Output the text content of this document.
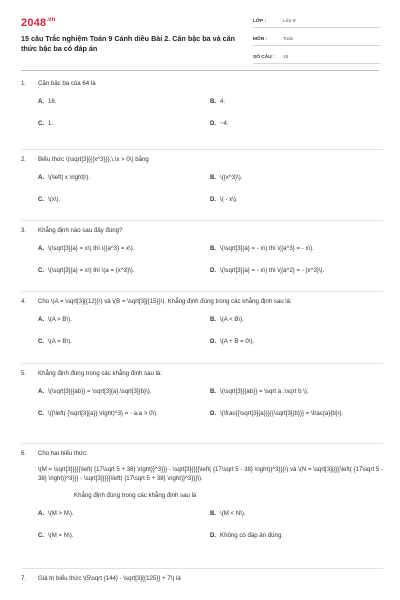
$2048^{.vn}$
15 câu Trắc nghiệm Toán 9 Cánh diều Bài 2. Căn bậc ba và căn thức bậc ba có đáp án
LỚP :	Lớp 9
MÔN :	Toán
SỐ CÂU :	15
1.	Căn bậc ba của 64 là
A. 16.	B. 4.
C. 1.	D. −4.
2.	Biểu thức \(\sqrt[3]{{{x^3}}},\,\x > 0\) bằng
A. \(\left| x \right|\).	B. \({x^3}\).
C. \(x\).	D. \( - x\).
3.	Khẳng định nào sau đây đúng?
A. \(\sqrt[3]{a} = x\) thì \({a^3} = x\).	B. \(\sqrt[3]{a} = - x\) thì \({a^3} = - x\).
C. \(\sqrt[3]{a} = x\) thì \(a = {x^3}\).	D. \(\sqrt[3]{a} = - x\) thì \({a^2} = - {x^3}\).
4.	Cho \(A = \sqrt[3]{{12}}\) và \(B = \sqrt[3]{{15}}\). Khẳng định đúng trong các khẳng định sau là:
A. \(A > B\).	B. \(A < B\).
C. \(A = B\).	D. \(A + B = 0\).
5.	Khẳng định đúng trong các khẳng định sau là:
A. \(\sqrt[3]{{ab}} = \sqrt[3]{a}.\sqrt[3]{b}\).	B. \(\sqrt[3]{{ab}} = \sqrt a .\sqrt b \).
C. \({\left( {\sqrt[3]{a}} \right)^3} = - a,a > 0\).	D. \(\frac{{\sqrt[3]{a}}}{{\sqrt[3]{b}}} = \frac{a}{b}\).
6.	Cho hai biểu thức:
\(M = \sqrt[3]{{{{\left( {17\sqrt 5 + 38} \right)}^3}}} - \sqrt[3]{{{{\left( {17\sqrt 5 - 38} \right)}^3}}}\) và \(N = \sqrt[3]{{{{\left( {17\sqrt 5 - 38} \right)}^3}}} - \sqrt[3]{{{{\left( {17\sqrt 5 + 38} \right)}^3}}}\).
Khẳng định đúng trong các khẳng định sau là
A. \(M > N\).	B. \(M < N\).
C. \(M = N\).	D. Không có đáp án đúng.
7.	Giá trị biểu thức \(5\sqrt {144} - \sqrt[3]{{125}} + 7\) là
